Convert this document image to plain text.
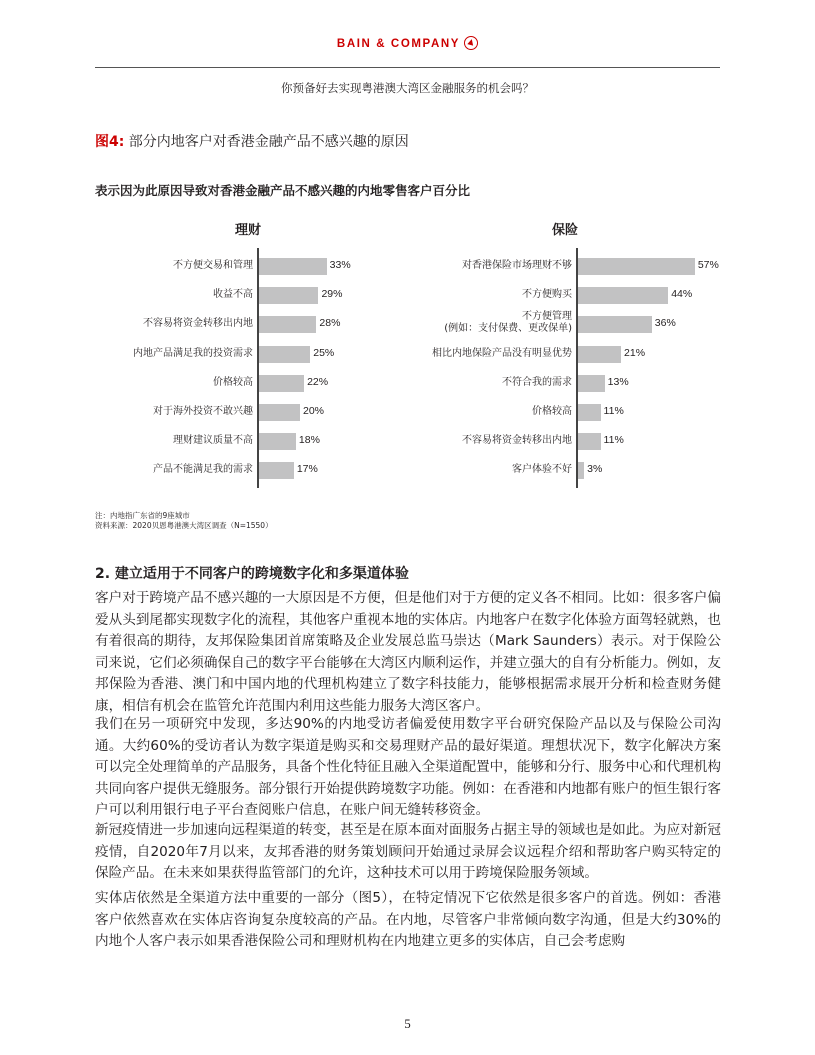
BAIN & COMPANY
你预备好去实现粤港澳大湾区金融服务的机会吗？
图4: 部分内地客户对香港金融产品不感兴趣的原因
表示因为此原因导致对香港金融产品不感兴趣的内地零售客户百分比
理财	保险
注：内地指广东省的9座城市
资料来源：2020贝恩粤港澳大湾区调查（N=1550）
2. 建立适用于不同客户的跨境数字化和多渠道体验
客户对于跨境产品不感兴趣的一大原因是不方便，但是他们对于方便的定义各不相同。比如：很多客户偏爱从头到尾都实现数字化的流程，其他客户重视本地的实体店。内地客户在数字化体验方面驾轻就熟，也有着很高的期待，友邦保险集团首席策略及企业发展总监马崇达（Mark Saunders）表示。对于保险公司来说，它们必须确保自己的数字平台能够在大湾区内顺利运作，并建立强大的自有分析能力。例如，友邦保险为香港、澳门和中国内地的代理机构建立了数字科技能力，能够根据需求展开分析和检查财务健康，相信有机会在监管允许范围内利用这些能力服务大湾区客户。
我们在另一项研究中发现，多达90%的内地受访者偏爱使用数字平台研究保险产品以及与保险公司沟通。大约60%的受访者认为数字渠道是购买和交易理财产品的最好渠道。理想状况下，数字化解决方案可以完全处理简单的产品服务，具备个性化特征且融入全渠道配置中，能够和分行、服务中心和代理机构共同向客户提供无缝服务。部分银行开始提供跨境数字功能。例如：在香港和内地都有账户的恒生银行客户可以利用银行电子平台查阅账户信息，在账户间无缝转移资金。
新冠疫情进一步加速向远程渠道的转变，甚至是在原本面对面服务占据主导的领域也是如此。为应对新冠疫情，自2020年7月以来，友邦香港的财务策划顾问开始通过录屏会议远程介绍和帮助客户购买特定的保险产品。在未来如果获得监管部门的允许，这种技术可以用于跨境保险服务领域。
实体店依然是全渠道方法中重要的一部分（图5），在特定情况下它依然是很多客户的首选。例如：香港客户依然喜欢在实体店咨询复杂度较高的产品。在内地，尽管客户非常倾向数字沟通，但是大约30%的内地个人客户表示如果香港保险公司和理财机构在内地建立更多的实体店，自己会考虑购
5
不方便交易和管理	33%
收益不高	29%
不容易将资金转移出内地	28%
内地产品满足我的投资需求	25%
价格较高	22%
对于海外投资不敢兴趣	20%
理财建议质量不高	18%
产品不能满足我的需求	17%
对香港保险市场理财不够	57%
不方便购买	44%
不方便管理
(例如：支付保费、更改保单)	36%
相比内地保险产品没有明显优势	21%
不符合我的需求	13%
价格较高	11%
不容易将资金转移出内地	11%
客户体验不好 3%
